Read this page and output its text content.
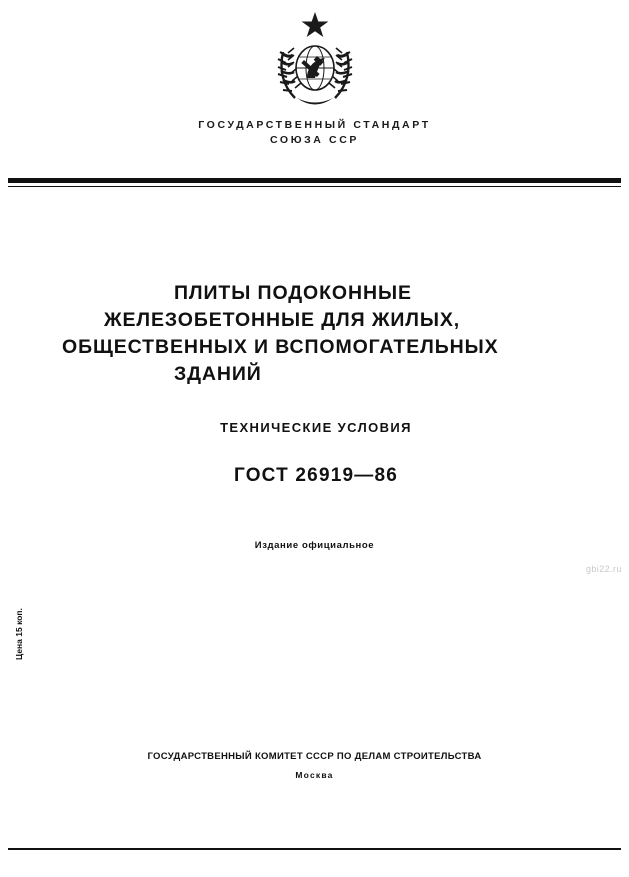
ГОСУДАРСТВЕННЫЙ СТАНДАРТ
СОЮЗА ССР
ПЛИТЫ ПОДОКОННЫЕ
ЖЕЛЕЗОБЕТОННЫЕ ДЛЯ ЖИЛЫХ,
ОБЩЕСТВЕННЫХ И ВСПОМОГАТЕЛЬНЫХ
ЗДАНИЙ
ТЕХНИЧЕСКИЕ УСЛОВИЯ
ГОСТ 26919—86
Издание официальное
gbi22.ru
Цена 15 коп.
ГОСУДАРСТВЕННЫЙ КОМИТЕТ СССР ПО ДЕЛАМ СТРОИТЕЛЬСТВА
Москва
